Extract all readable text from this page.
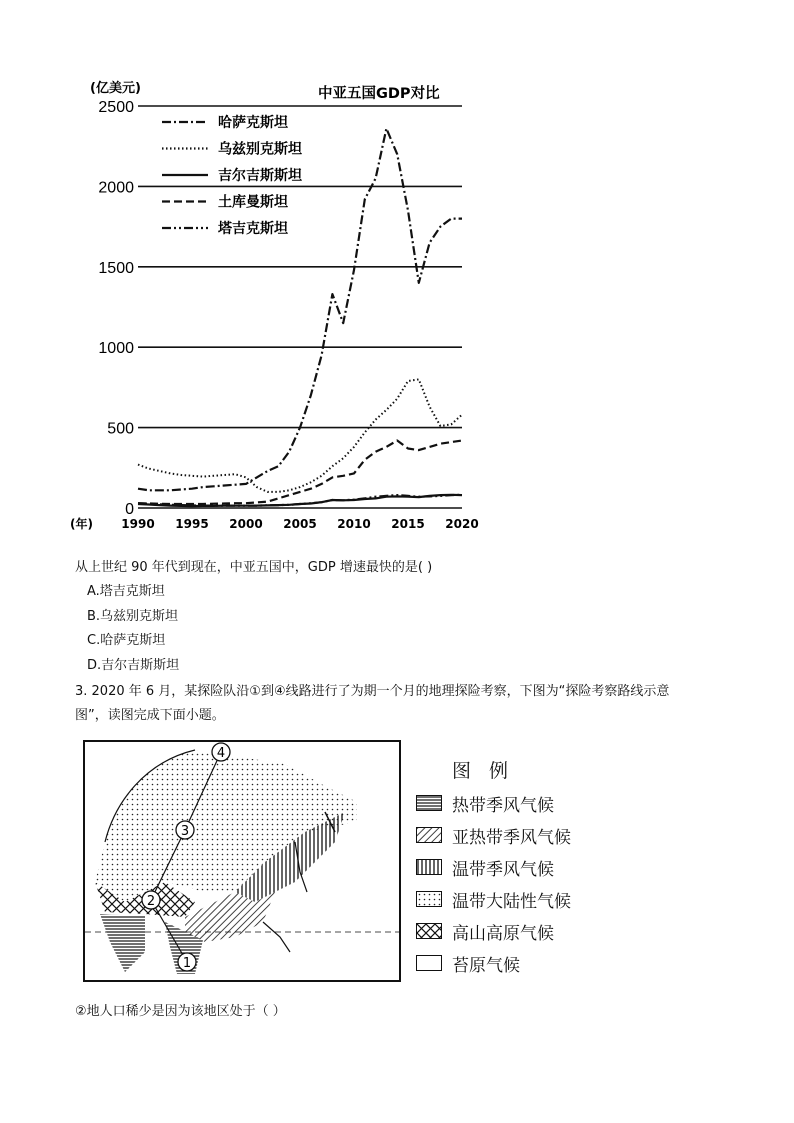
0
500
1000
1500
2000
2500
1990 1995 2000 2005 2010 2015 2020
哈萨克斯坦
乌兹别克斯坦
吉尔吉斯斯坦
土库曼斯坦
塔吉克斯坦
(亿美元)	中亚五国GDP对比
(年)
从上世纪 90 年代到现在，中亚五国中，GDP 增速最快的是( )
A.塔吉克斯坦
B.乌兹别克斯坦
C.哈萨克斯坦
D.吉尔吉斯斯坦
3. 2020 年 6 月，某探险队沿①到④线路进行了为期一个月的地理探险考察，下图为“探险考察路线示意
图”，读图完成下面小题。
1
2
3
4
图 例
热带季风气候
亚热带季风气候
温带季风气候
温带大陆性气候
高山高原气候
苔原气候
②地人口稀少是因为该地区处于（ ）
